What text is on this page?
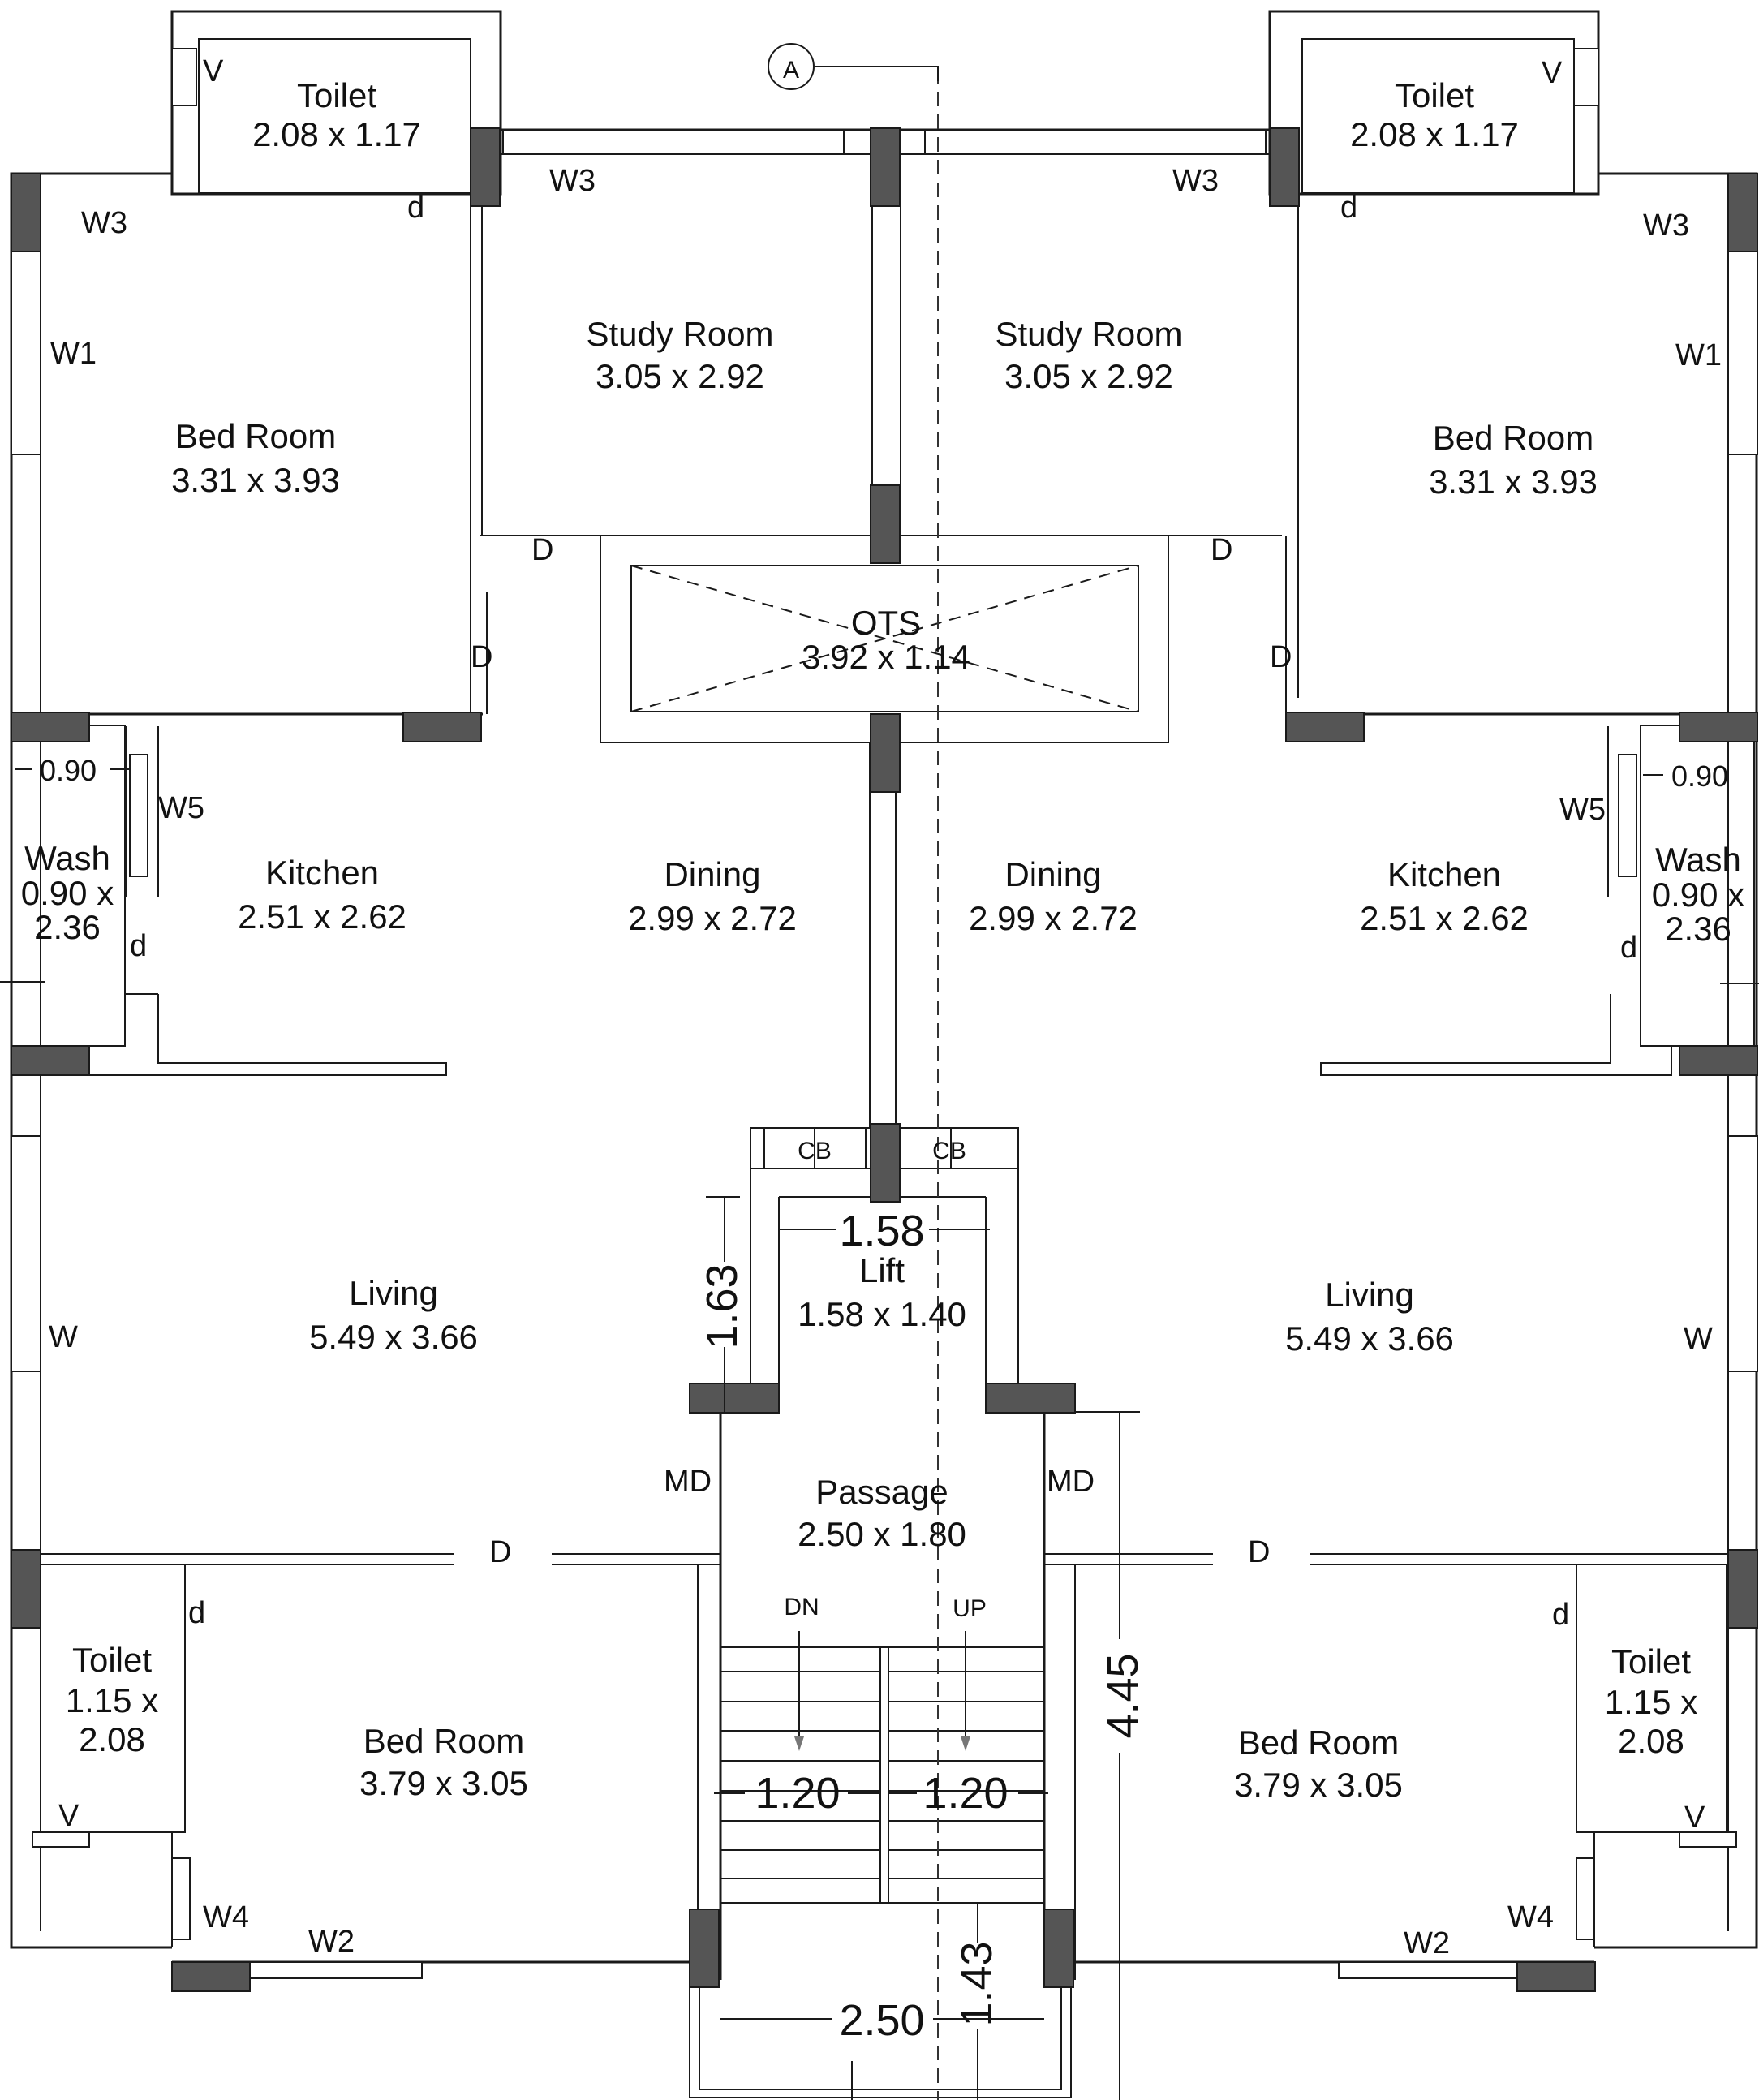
A
Toilet
2.08 x 1.17
Toilet
2.08 x 1.17
Study Room
3.05 x 2.92
Study Room
3.05 x 2.92
Bed Room
3.31 x 3.93
Bed Room
3.31 x 3.93
OTS
3.92 x 1.14
Wash
0.90 x
2.36
Wash
0.90 x
2.36
Kitchen
2.51 x 2.62
Kitchen
2.51 x 2.62
Dining
2.99 x 2.72
Dining
2.99 x 2.72
Lift
1.58 x 1.40
Living
5.49 x 3.66
Living
5.49 x 3.66
Passage
2.50 x 1.80
Toilet
1.15 x
2.08
Toilet
1.15 x
2.08
Bed Room
3.79 x 3.05
Bed Room
3.79 x 3.05
V	V
V	V
W3
W3	W3
W3
W1	W1
d	d
d	d
d	d
D	D
D	D
D	D
W5	W5
W	W
MD	MD
W4	W4
W2	W2
CB	CB
DN	UP
0.90	0.90
1.58
1.63
1.20 1.20
4.45
1.43
2.50
